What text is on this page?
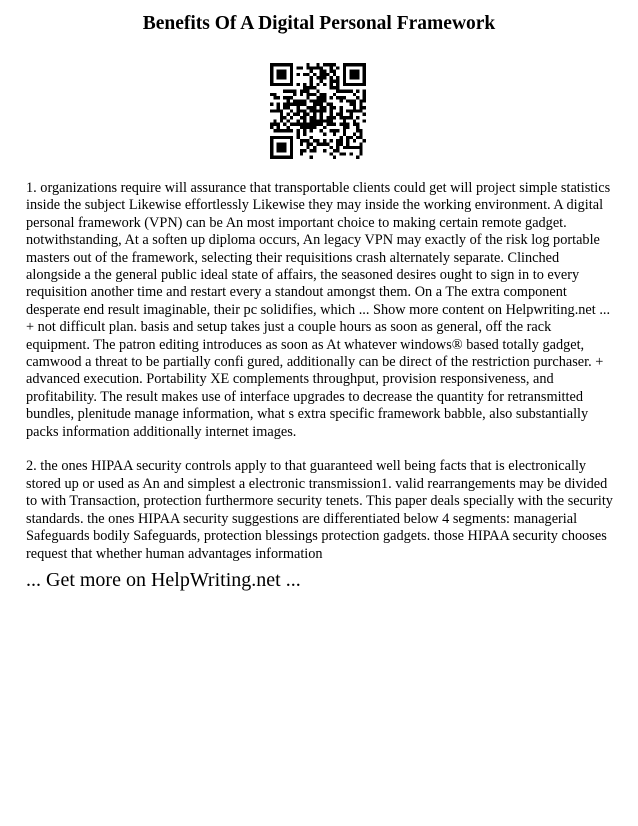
Benefits Of A Digital Personal Framework

1. organizations require will assurance that transportable clients could get will project simple statistics inside the subject Likewise effortlessly Likewise they may inside the working environment. A digital personal framework (VPN) can be An most important choice to making certain remote gadget. notwithstanding, At a soften up diploma occurs, An legacy VPN may exactly of the risk log portable masters out of the framework, selecting their requisitions crash alternately separate. Clinched alongside a the general public ideal state of affairs, the seasoned desires ought to sign in to every requisition another time and restart every a standout amongst them. On a The extra component desperate end result imaginable, their pc solidifies, which ... Show more content on Helpwriting.net ... + not difficult plan. basis and setup takes just a couple hours as soon as general, off the rack equipment. The patron editing introduces as soon as At whatever windows® based totally gadget, camwood a threat to be partially confi gured, additionally can be direct of the restriction purchaser. + advanced execution. Portability XE complements throughput, provision responsiveness, and profitability. The result makes use of interface upgrades to decrease the quantity for retransmitted bundles, plenitude manage information, what s extra specific framework babble, also substantially packs information additionally internet images.

2. the ones HIPAA security controls apply to that guaranteed well being facts that is electronically stored up or used as An and simplest a electronic transmission1. valid rearrangements may be divided to with Transaction, protection furthermore security tenets. This paper deals specially with the security standards. the ones HIPAA security suggestions are differentiated below 4 segments: managerial Safeguards bodily Safeguards, protection blessings protection gadgets. those HIPAA security chooses request that whether human advantages information

... Get more on HelpWriting.net ...
